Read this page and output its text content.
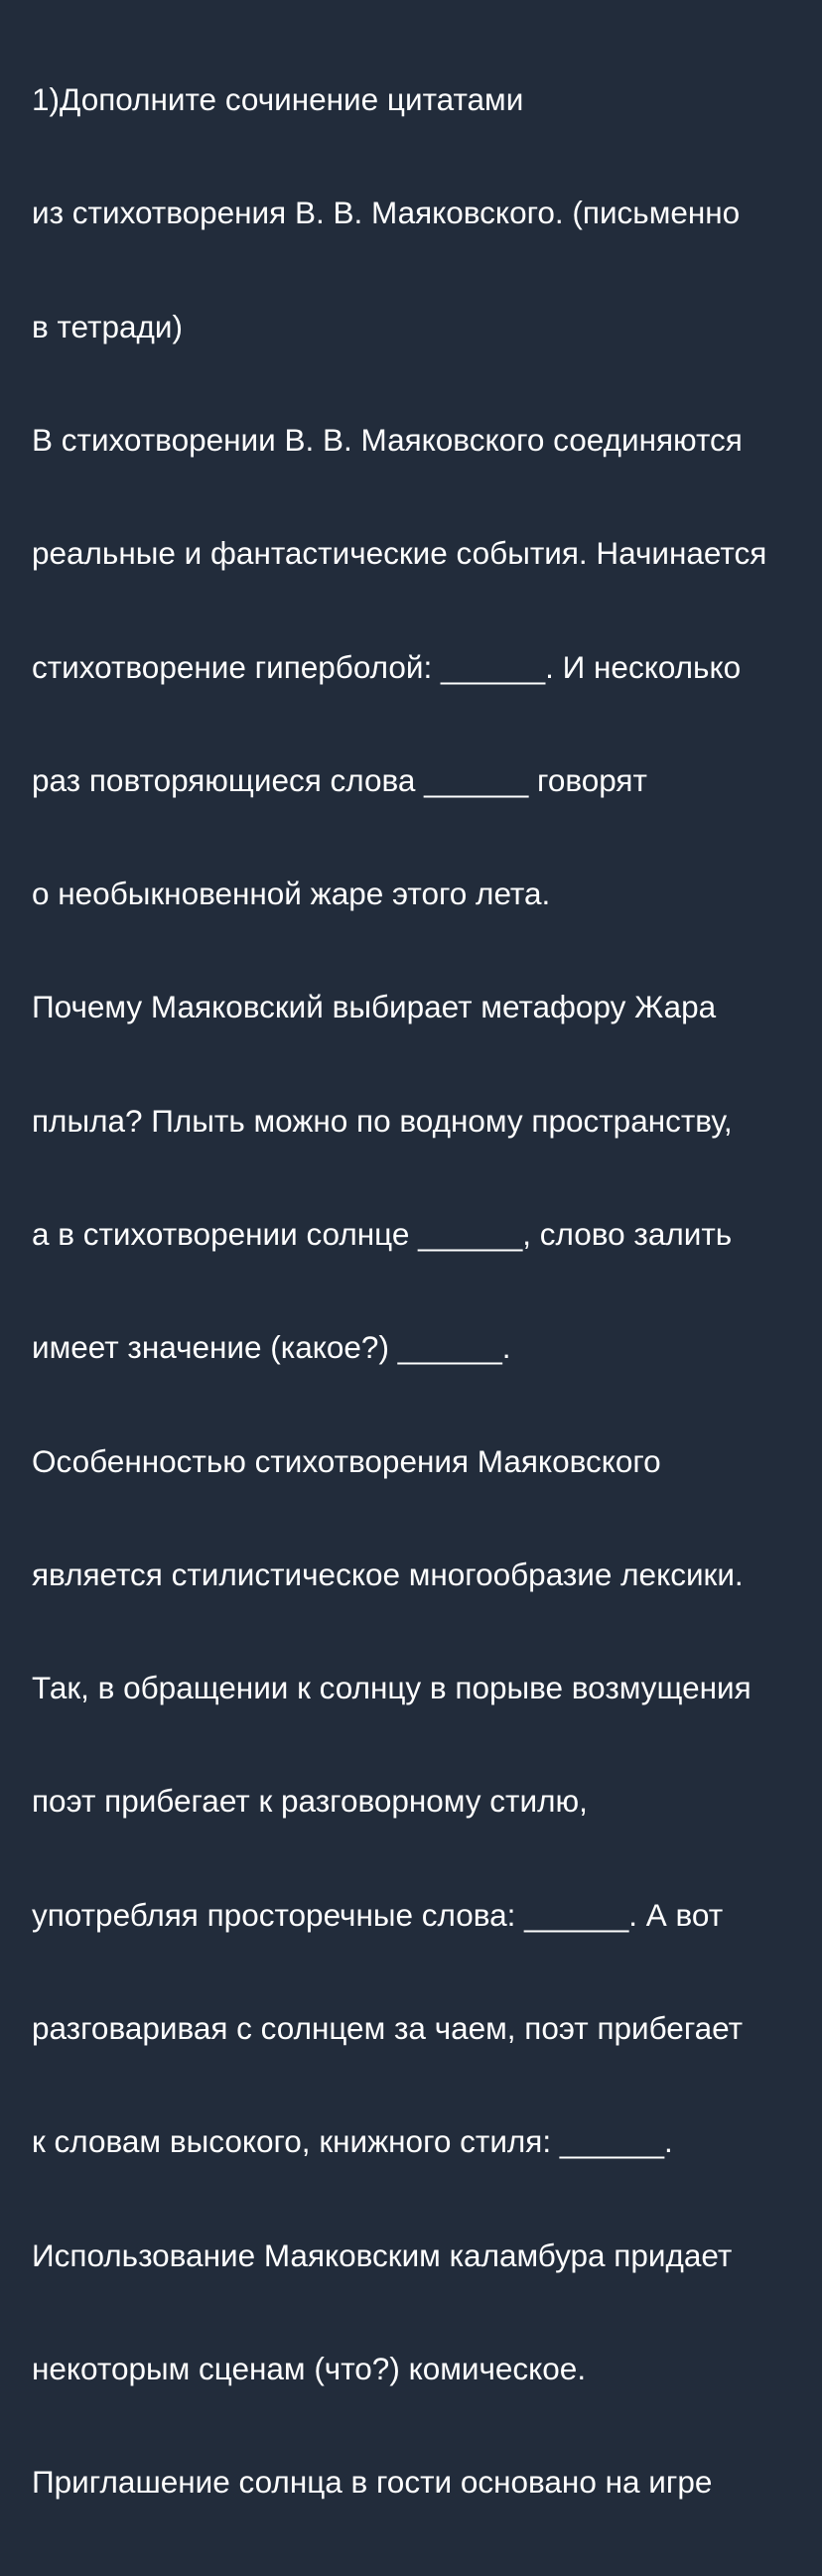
1)Дополните сочинение цитатами

из стихотворения В. В. Маяковского. (письменно

в тетради)

В стихотворении В. В. Маяковского соединяются

реальные и фантастические события. Начинается

стихотворение гиперболой: ______. И несколько

раз повторяющиеся слова ______ говорят

о необыкновенной жаре этого лета.

Почему Маяковский выбирает метафору Жара

плыла? Плыть можно по водному пространству,

а в стихотворении солнце ______, слово залить

имеет значение (какое?) ______.

Особенностью стихотворения Маяковского

является стилистическое многообразие лексики.

Так, в обращении к солнцу в порыве возмущения

поэт прибегает к разговорному стилю,

употребляя просторечные слова: ______. А вот

разговаривая с солнцем за чаем, поэт прибегает

к словам высокого, книжного стиля: ______.

Использование Маяковским каламбура придает

некоторым сценам (что?) комическое.

Приглашение солнца в гости основано на игре
